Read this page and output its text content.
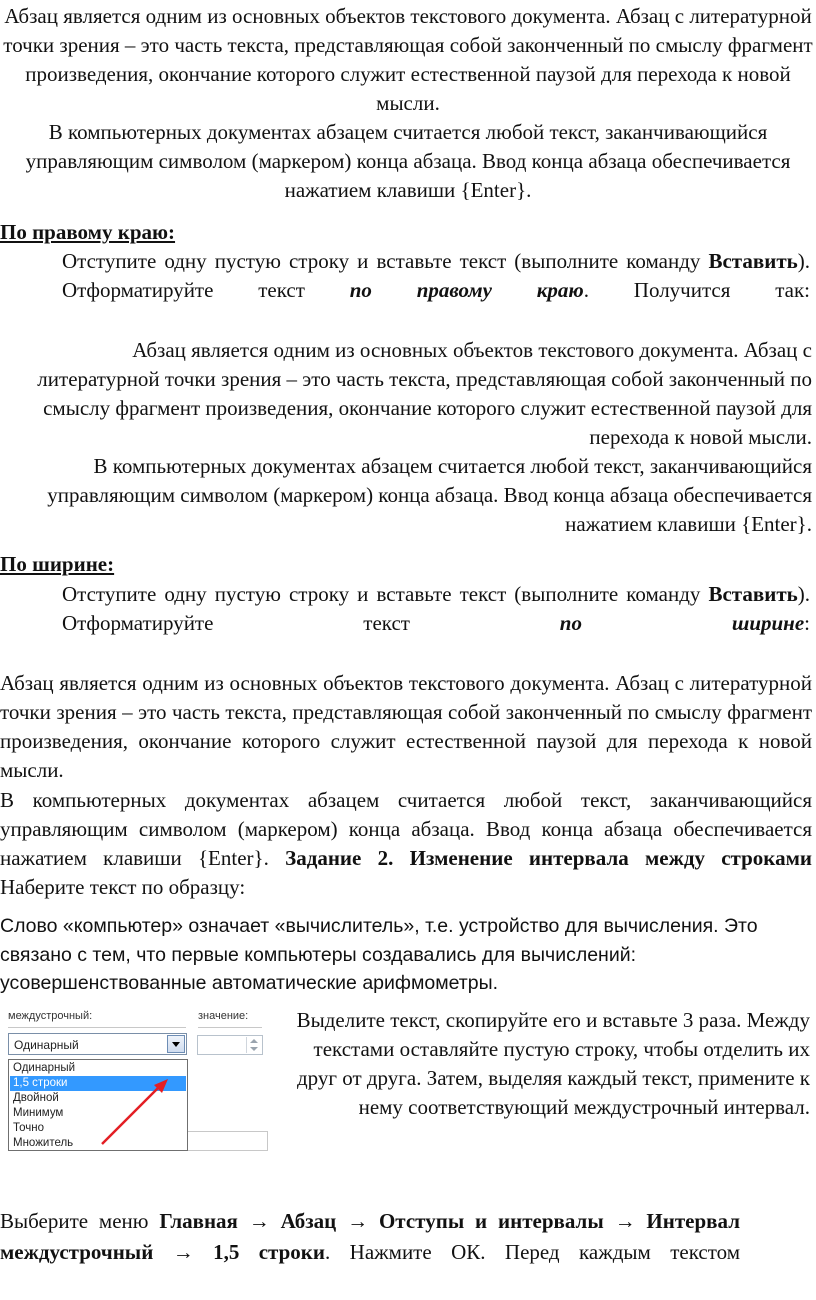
Абзац является одним из основных объектов текстового документа. Абзац с литературной точки зрения – это часть текста, представляющая собой законченный по смыслу фрагмент произведения, окончание которого служит естественной паузой для перехода к новой мысли.

В компьютерных документах абзацем считается любой текст, заканчивающийся управляющим символом (маркером) конца абзаца. Ввод конца абзаца обеспечивается нажатием клавиши {Enter}.

По правому краю:

Отступите одну пустую строку и вставьте текст (выполните команду Вставить). Отформатируйте текст по правому краю. Получится так:

Абзац является одним из основных объектов текстового документа. Абзац с литературной точки зрения – это часть текста, представляющая собой законченный по смыслу фрагмент произведения, окончание которого служит естественной паузой для перехода к новой мысли.

В компьютерных документах абзацем считается любой текст, заканчивающийся управляющим символом (маркером) конца абзаца. Ввод конца абзаца обеспечивается нажатием клавиши {Enter}.

По ширине:

Отступите одну пустую строку и вставьте текст (выполните команду Вставить). Отформатируйте текст по ширине:

Абзац является одним из основных объектов текстового документа. Абзац с литературной точки зрения – это часть текста, представляющая собой законченный по смыслу фрагмент произведения, окончание которого служит естественной паузой для перехода к новой мысли.

В компьютерных документах абзацем считается любой текст, заканчивающийся управляющим символом (маркером) конца абзаца. Ввод конца абзаца обеспечивается нажатием клавиши {Enter}. Задание 2. Изменение интервала между строками Наберите текст по образцу:

Слово «компьютер» означает «вычислитель», т.е. устройство для вычисления. Это связано с тем, что первые компьютеры создавались для вычислений: усовершенствованные автоматические арифмометры.

междустрочный:	значение:
Одинарный
Одинарный
1,5 строки
Двойной
Минимум
Точно
Множитель

Выделите текст, скопируйте его и вставьте 3 раза. Между текстами оставляйте пустую строку, чтобы отделить их друг от друга. Затем, выделяя каждый текст, примените к нему соответствующий междустрочный интервал.

Выберите меню Главная → Абзац → Отступы и интервалы → Интервал междустрочный → 1,5 строки. Нажмите ОК. Перед каждым текстом
